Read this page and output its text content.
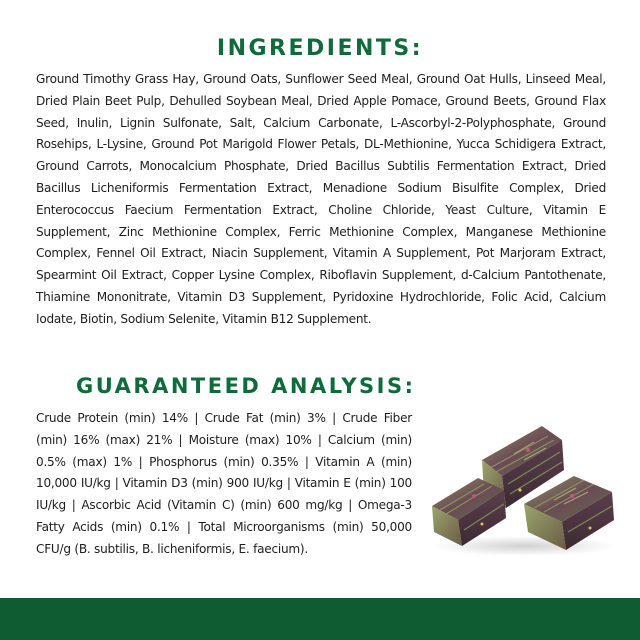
INGREDIENTS:
Ground Timothy Grass Hay, Ground Oats, Sunflower Seed Meal, Ground Oat Hulls, Linseed Meal, Dried Plain Beet Pulp, Dehulled Soybean Meal, Dried Apple Pomace, Ground Beets, Ground Flax Seed, Inulin, Lignin Sulfonate, Salt, Calcium Carbonate, L-Ascorbyl-2-Polyphosphate, Ground Rosehips, L-Lysine, Ground Pot Marigold Flower Petals, DL-Methionine, Yucca Schidigera Extract, Ground Carrots, Monocalcium Phosphate, Dried Bacillus Subtilis Fermentation Extract, Dried Bacillus Licheniformis Fermentation Extract, Menadione Sodium Bisulfite Complex, Dried Enterococcus Faecium Fermentation Extract, Choline Chloride, Yeast Culture, Vitamin E Supplement, Zinc Methionine Complex, Ferric Methionine Complex, Manganese Methionine Complex, Fennel Oil Extract, Niacin Supplement, Vitamin A Supplement, Pot Marjoram Extract, Spearmint Oil Extract, Copper Lysine Complex, Riboflavin Supplement, d-Calcium Pantothenate, Thiamine Mononitrate, Vitamin D3 Supplement, Pyridoxine Hydrochloride, Folic Acid, Calcium Iodate, Biotin, Sodium Selenite, Vitamin B12 Supplement.
GUARANTEED ANALYSIS:
Crude Protein (min) 14% | Crude Fat (min) 3% | Crude Fiber (min) 16% (max) 21% | Moisture (max) 10% | Calcium (min) 0.5% (max) 1% | Phosphorus (min) 0.35% | Vitamin A (min) 10,000 IU/kg | Vitamin D3 (min) 900 IU/kg | Vitamin E (min) 100 IU/kg | Ascorbic Acid (Vitamin C) (min) 600 mg/kg | Omega-3 Fatty Acids (min) 0.1% | Total Microorganisms (min) 50,000 CFU/g (B. subtilis, B. licheniformis, E. faecium).
